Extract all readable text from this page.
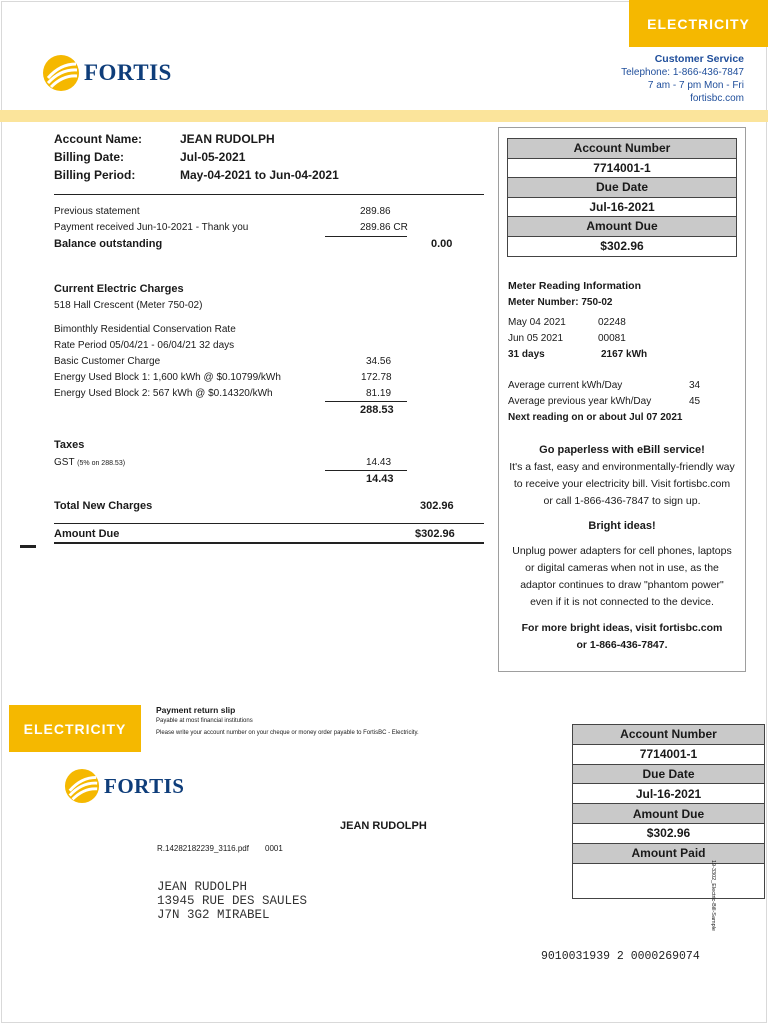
ELECTRICITY
FORTIS
Customer Service
Telephone: 1-866-436-7847
7 am - 7 pm Mon - Fri
fortisbc.com
Account Name:	JEAN RUDOLPH
Billing Date:	Jul-05-2021
Billing Period:	May-04-2021 to Jun-04-2021
Previous statement	289.86
Payment received Jun-10-2021 - Thank you	289.86 CR
Balance outstanding	0.00
Current Electric Charges
518 Hall Crescent (Meter 750-02)
Bimonthly Residential Conservation Rate
Rate Period 05/04/21 - 06/04/21 32 days
Basic Customer Charge	34.56
Energy Used Block 1: 1,600 kWh @ $0.10799/kWh	172.78
Energy Used Block 2: 567 kWh @ $0.14320/kWh	81.19
288.53
Taxes
GST (5% on 288.53)	14.43
14.43
Total New Charges	302.96
Amount Due	$302.96
Account Number
7714001-1
Due Date
Jul-16-2021
Amount Due
$302.96
Meter Reading Information
Meter Number: 750-02
May 04 2021	02248
Jun 05 2021	00081
31 days	2167 kWh
Average current kWh/Day	34
Average previous year kWh/Day	45
Next reading on or about Jul 07 2021
Go paperless with eBill service!
It's a fast, easy and environmentally-friendly way
to receive your electricity bill. Visit fortisbc.com
or call 1-866-436-7847 to sign up.
Bright ideas!
Unplug power adapters for cell phones, laptops
or digital cameras when not in use, as the
adaptor continues to draw "phantom power"
even if it is not connected to the device.
For more bright ideas, visit fortisbc.com
or 1-866-436-7847.
ELECTRICITY
Payment return slip
Payable at most financial institutions
Please write your account number on your cheque or money order payable to FortisBC - Electricity.
FORTIS
JEAN RUDOLPH
R.14282182239_3116.pdf 0001
JEAN RUDOLPH
13945 RUE DES SAULES
J7N 3G2 MIRABEL
Account Number
7714001-1
Due Date
Jul-16-2021
Amount Due
$302.96
Amount Paid
19-3302_Electric-Bill-Sample
9010031939 2 0000269074
